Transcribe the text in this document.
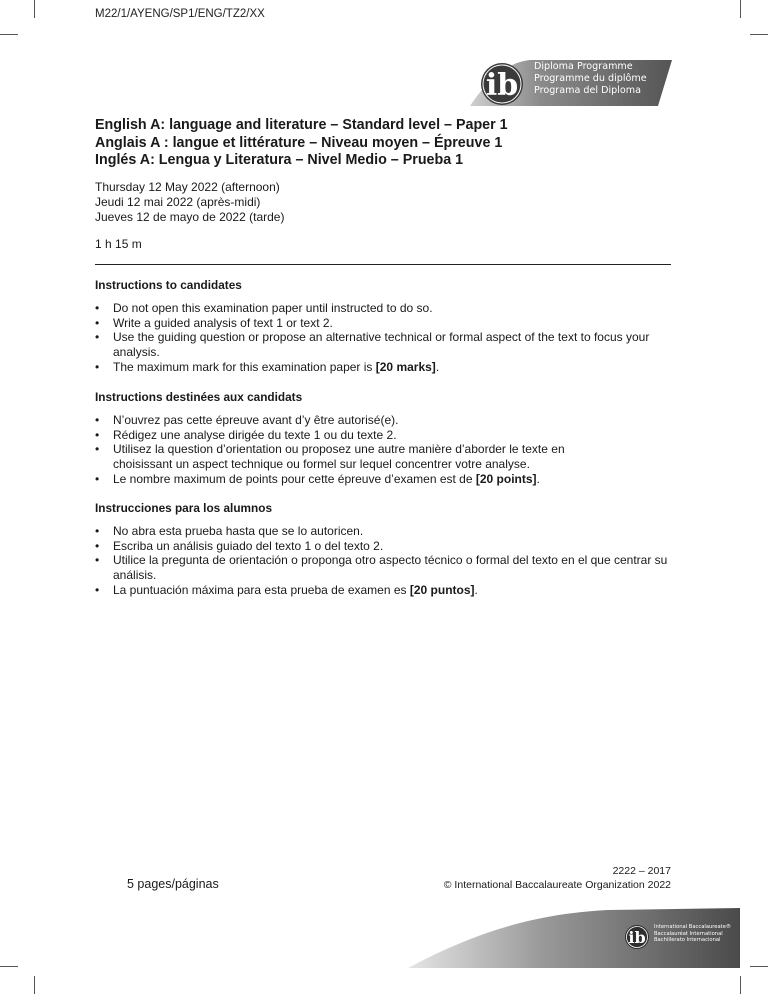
M22/1/AYENG/SP1/ENG/TZ2/XX
ib
Diploma Programme
Programme du diplôme
Programa del Diploma
English A: language and literature – Standard level – Paper 1
Anglais A : langue et littérature – Niveau moyen – Épreuve 1
Inglés A: Lengua y Literatura – Nivel Medio – Prueba 1
Thursday 12 May 2022 (afternoon)
Jeudi 12 mai 2022 (après-midi)
Jueves 12 de mayo de 2022 (tarde)
1 h 15 m
Instructions to candidates
• Do not open this examination paper until instructed to do so.
• Write a guided analysis of text 1 or text 2.
• Use the guiding question or propose an alternative technical or formal aspect of the text to focus your analysis.
• The maximum mark for this examination paper is [20 marks].
Instructions destinées aux candidats
• N’ouvrez pas cette épreuve avant d’y être autorisé(e).
• Rédigez une analyse dirigée du texte 1 ou du texte 2.
• Utilisez la question d’orientation ou proposez une autre manière d’aborder le texte en choisissant un aspect technique ou formel sur lequel concentrer votre analyse.
• Le nombre maximum de points pour cette épreuve d’examen est de [20 points].
Instrucciones para los alumnos
• No abra esta prueba hasta que se lo autoricen.
• Escriba un análisis guiado del texto 1 o del texto 2.
• Utilice la pregunta de orientación o proponga otro aspecto técnico o formal del texto en el que centrar su análisis.
• La puntuación máxima para esta prueba de examen es [20 puntos].
5 pages/páginas
2222 – 2017
© International Baccalaureate Organization 2022
ib
International Baccalaureate®
Baccalauréat International
Bachillerato Internacional
